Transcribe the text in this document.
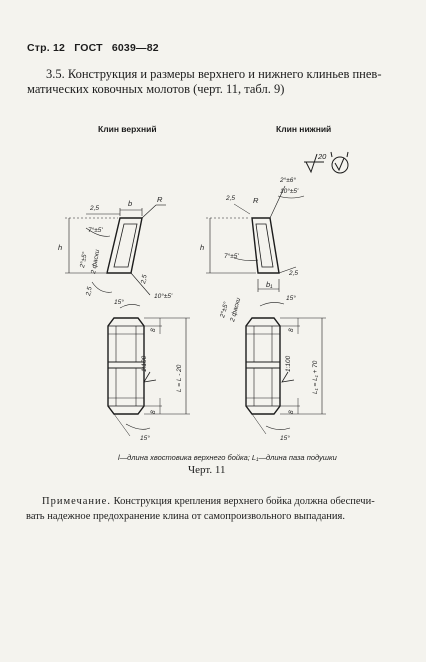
Стр. 12 ГОСТ 6039—82
3.5. Конструкция и размеры верхнего и нижнего клиньев пнев-
матических ковочных молотов (черт. 11, табл. 9)
Клин верхний	Клин нижний
20
b	R
2,5
7°±5'
h
2°±5° 2 фаски
2,5
2,5
10°±5'
15°
8
1:100
L = L - 20
8
15°
2°±6°
10°±5'
R
2,5
h
7°±5'
b₁
2,5
2°±5° 2 фаски	15°
8
1:100	L₁ = L₁ + 70
8
15°
l—длина хвостовика верхнего бойка; L₁—длина паза подушки
Черт. 11
Примечание. Конструкция крепления верхнего бойка должна обеспечи-
вать надежное предохранение клина от самопроизвольного выпадания.
